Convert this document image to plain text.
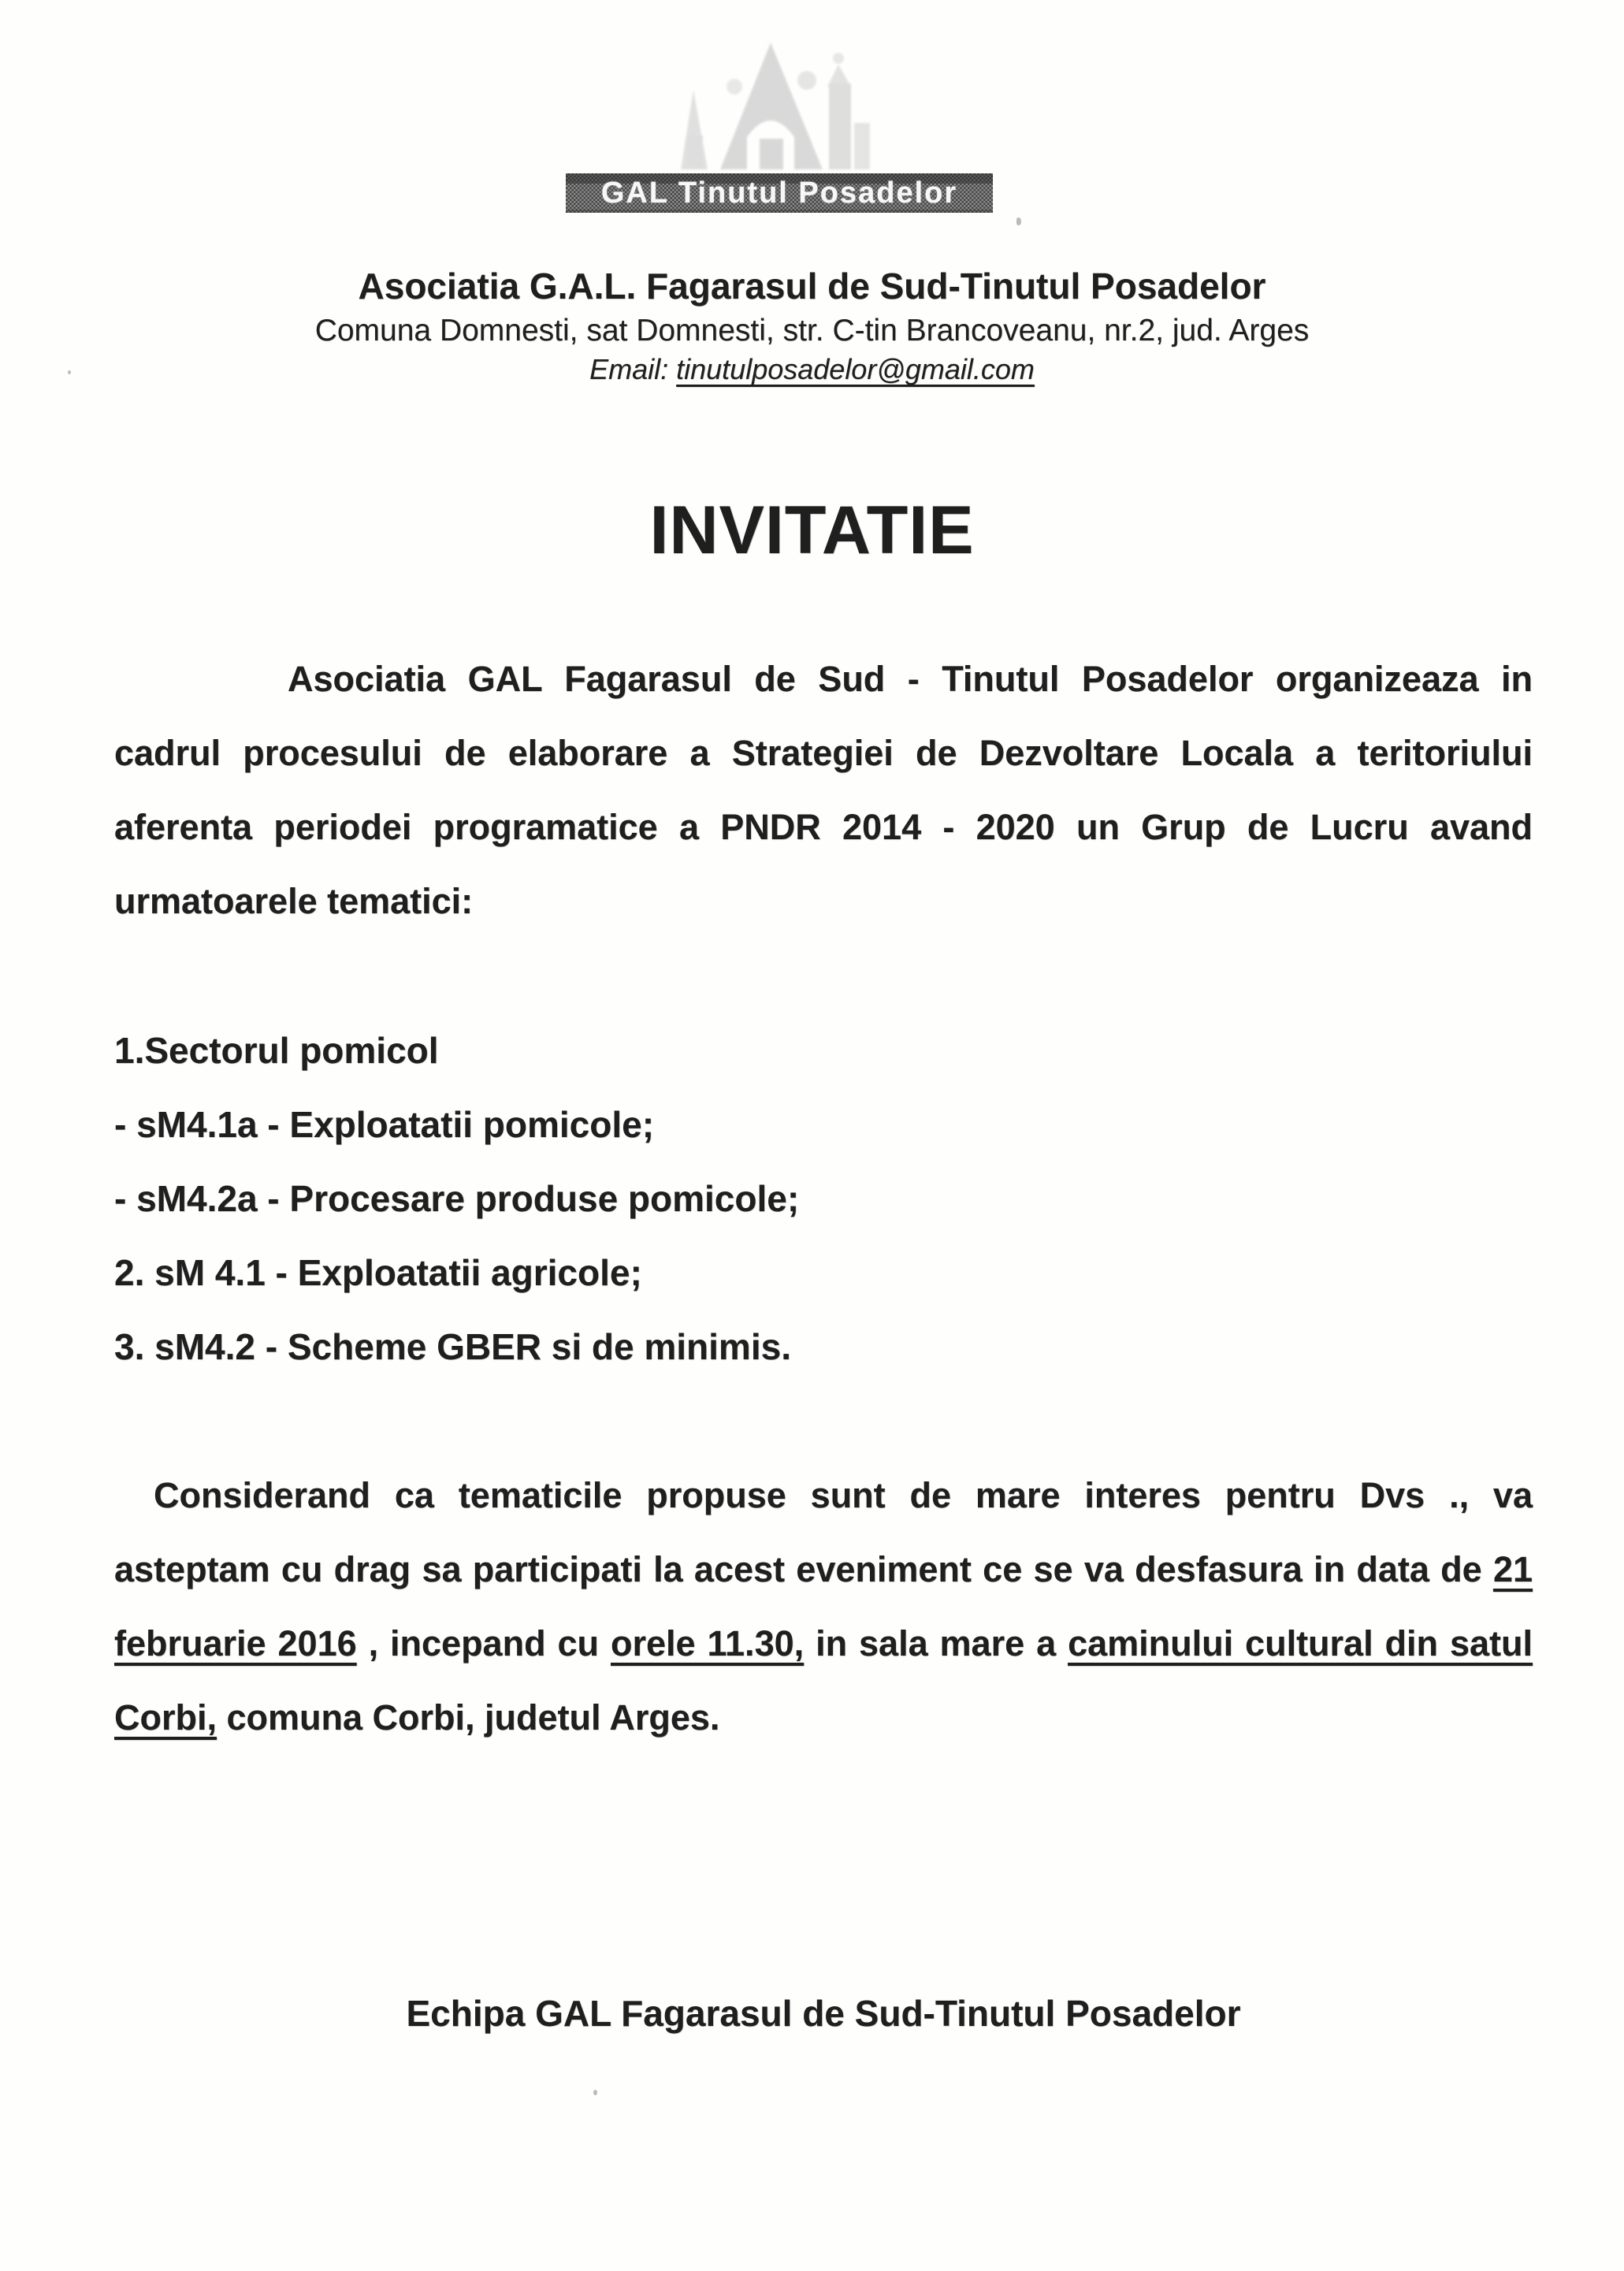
GAL Tinutul Posadelor
Asociatia G.A.L. Fagarasul de Sud-Tinutul Posadelor
Comuna Domnesti, sat Domnesti, str. C-tin Brancoveanu, nr.2, jud. Arges
Email: tinutulposadelor@gmail.com
INVITATIE

Asociatia GAL Fagarasul de Sud - Tinutul Posadelor organizeaza in cadrul procesului de elaborare a Strategiei de Dezvoltare Locala a teritoriului aferenta periodei programatice a PNDR 2014 - 2020 un Grup de Lucru avand urmatoarele tematici:

1.Sectorul pomicol
- sM4.1a - Exploatatii pomicole;
- sM4.2a - Procesare produse pomicole;
2. sM 4.1 - Exploatatii agricole;
3. sM4.2 - Scheme GBER si de minimis.

Considerand ca tematicile propuse sunt de mare interes pentru Dvs ., va asteptam cu drag sa participati la acest eveniment ce se va desfasura in data de 21 februarie 2016 , incepand cu orele 11.30, in sala mare a caminului cultural din satul Corbi, comuna Corbi, judetul Arges.

Echipa GAL Fagarasul de Sud-Tinutul Posadelor
